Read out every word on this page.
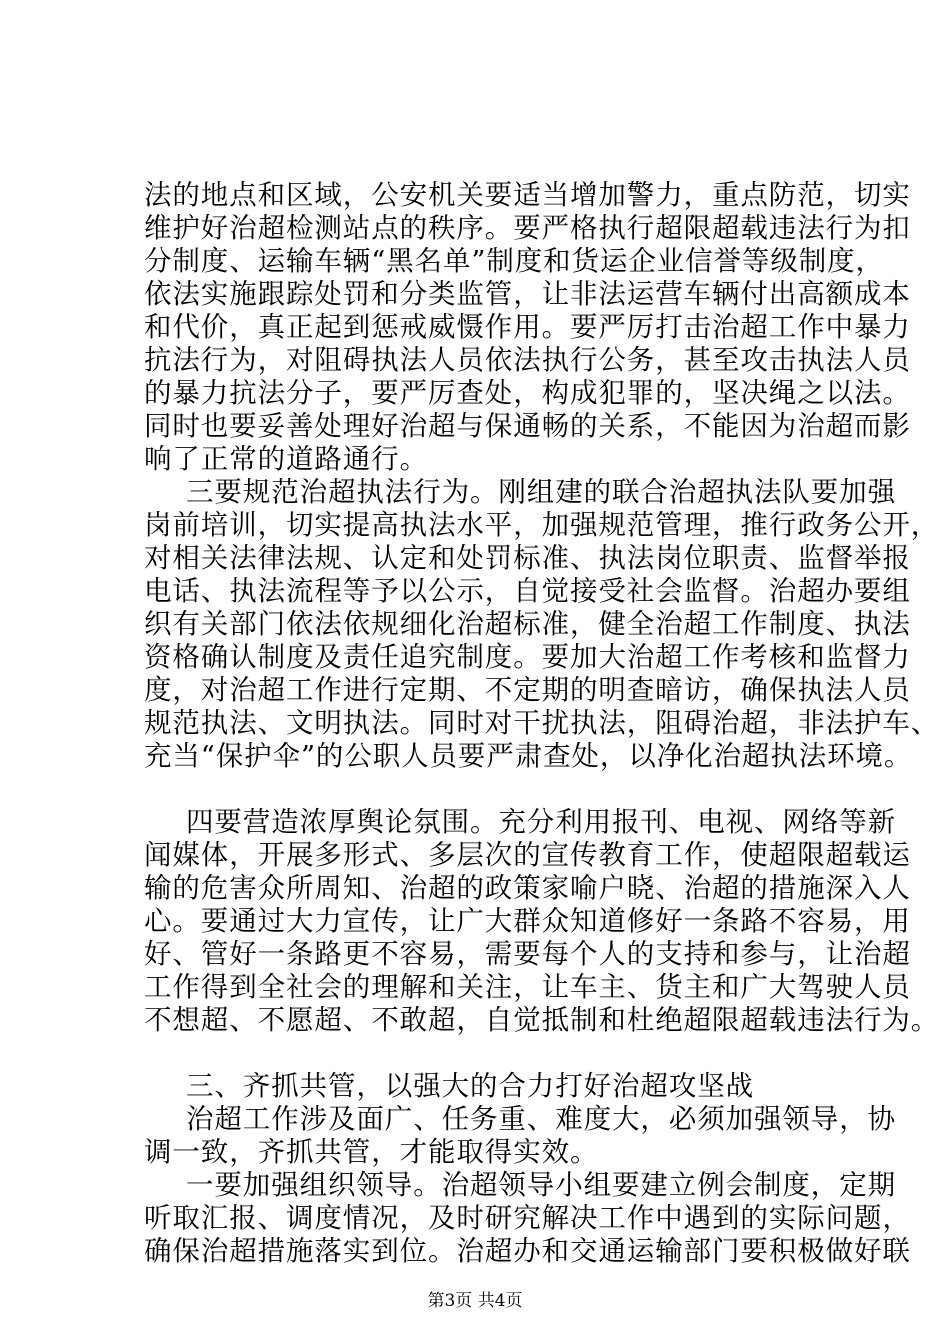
法的地点和区域，公安机关要适当增加警力，重点防范，切实
维护好治超检测站点的秩序。要严格执行超限超载违法行为扣
分制度、运输车辆“黑名单”制度和货运企业信誉等级制度，
依法实施跟踪处罚和分类监管，让非法运营车辆付出高额成本
和代价，真正起到惩戒威慑作用。要严厉打击治超工作中暴力
抗法行为，对阻碍执法人员依法执行公务，甚至攻击执法人员
的暴力抗法分子，要严厉查处，构成犯罪的，坚决绳之以法。
同时也要妥善处理好治超与保通畅的关系，不能因为治超而影
响了正常的道路通行。
三要规范治超执法行为。刚组建的联合治超执法队要加强
岗前培训，切实提高执法水平，加强规范管理，推行政务公开，
对相关法律法规、认定和处罚标准、执法岗位职责、监督举报
电话、执法流程等予以公示，自觉接受社会监督。治超办要组
织有关部门依法依规细化治超标准，健全治超工作制度、执法
资格确认制度及责任追究制度。要加大治超工作考核和监督力
度，对治超工作进行定期、不定期的明查暗访，确保执法人员
规范执法、文明执法。同时对干扰执法，阻碍治超，非法护车、
充当“保护伞”的公职人员要严肃查处，以净化治超执法环境。
四要营造浓厚舆论氛围。充分利用报刊、电视、网络等新
闻媒体，开展多形式、多层次的宣传教育工作，使超限超载运
输的危害众所周知、治超的政策家喻户晓、治超的措施深入人
心。要通过大力宣传，让广大群众知道修好一条路不容易，用
好、管好一条路更不容易，需要每个人的支持和参与，让治超
工作得到全社会的理解和关注，让车主、货主和广大驾驶人员
不想超、不愿超、不敢超，自觉抵制和杜绝超限超载违法行为。
三、齐抓共管，以强大的合力打好治超攻坚战
治超工作涉及面广、任务重、难度大，必须加强领导，协
调一致，齐抓共管，才能取得实效。
一要加强组织领导。治超领导小组要建立例会制度，定期
听取汇报、调度情况，及时研究解决工作中遇到的实际问题，
确保治超措施落实到位。治超办和交通运输部门要积极做好联
第3页 共4页
